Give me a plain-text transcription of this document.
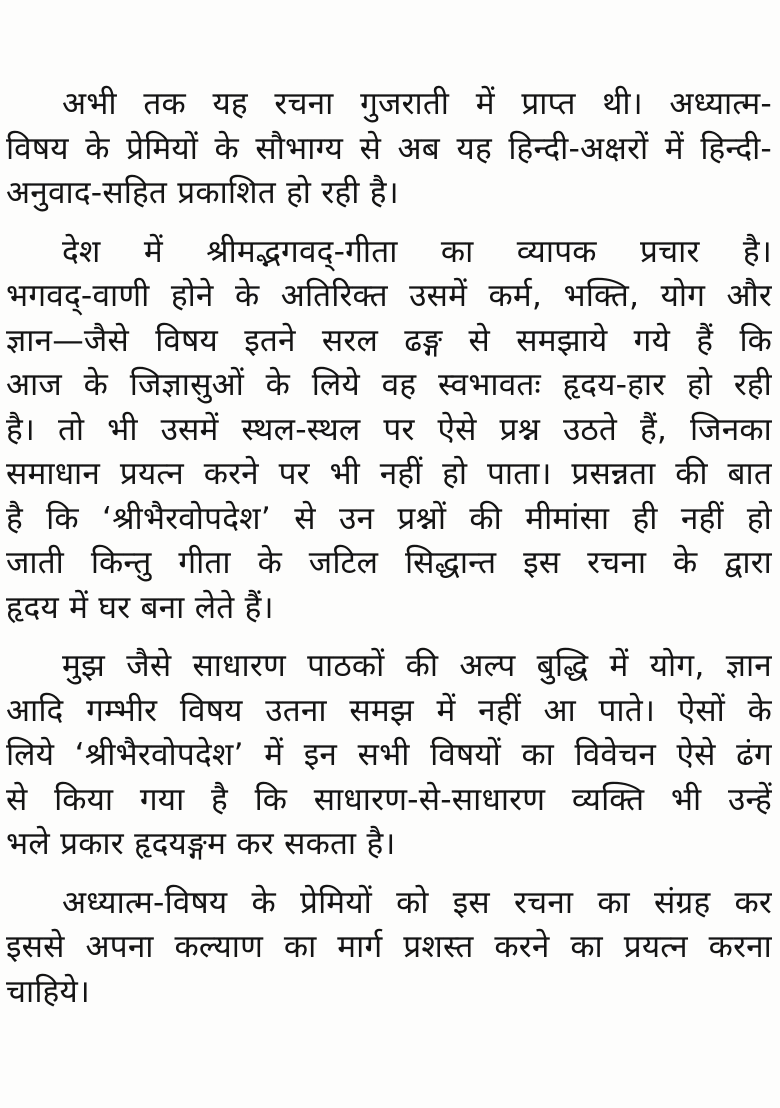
अभी तक यह रचना गुजराती में प्राप्त थी। अध्यात्म-
विषय के प्रेमियों के सौभाग्य से अब यह हिन्दी-अक्षरों में हिन्दी-
अनुवाद-सहित प्रकाशित हो रही है।
देश में श्रीमद्भगवद्-गीता का व्यापक प्रचार है।
भगवद्-वाणी होने के अतिरिक्त उसमें कर्म, भक्ति, योग और
ज्ञान—जैसे विषय इतने सरल ढङ्ग से समझाये गये हैं कि
आज के जिज्ञासुओं के लिये वह स्वभावतः हृदय-हार हो रही
है। तो भी उसमें स्थल-स्थल पर ऐसे प्रश्न उठते हैं, जिनका
समाधान प्रयत्न करने पर भी नहीं हो पाता। प्रसन्नता की बात
है कि ‘श्रीभैरवोपदेश’ से उन प्रश्नों की मीमांसा ही नहीं हो
जाती किन्तु गीता के जटिल सिद्धान्त इस रचना के द्वारा
हृदय में घर बना लेते हैं।
मुझ जैसे साधारण पाठकों की अल्प बुद्धि में योग, ज्ञान
आदि गम्भीर विषय उतना समझ में नहीं आ पाते। ऐसों के
लिये ‘श्रीभैरवोपदेश’ में इन सभी विषयों का विवेचन ऐसे ढंग
से किया गया है कि साधारण-से-साधारण व्यक्ति भी उन्हें
भले प्रकार हृदयङ्गम कर सकता है।
अध्यात्म-विषय के प्रेमियों को इस रचना का संग्रह कर
इससे अपना कल्याण का मार्ग प्रशस्त करने का प्रयत्न करना
चाहिये।
